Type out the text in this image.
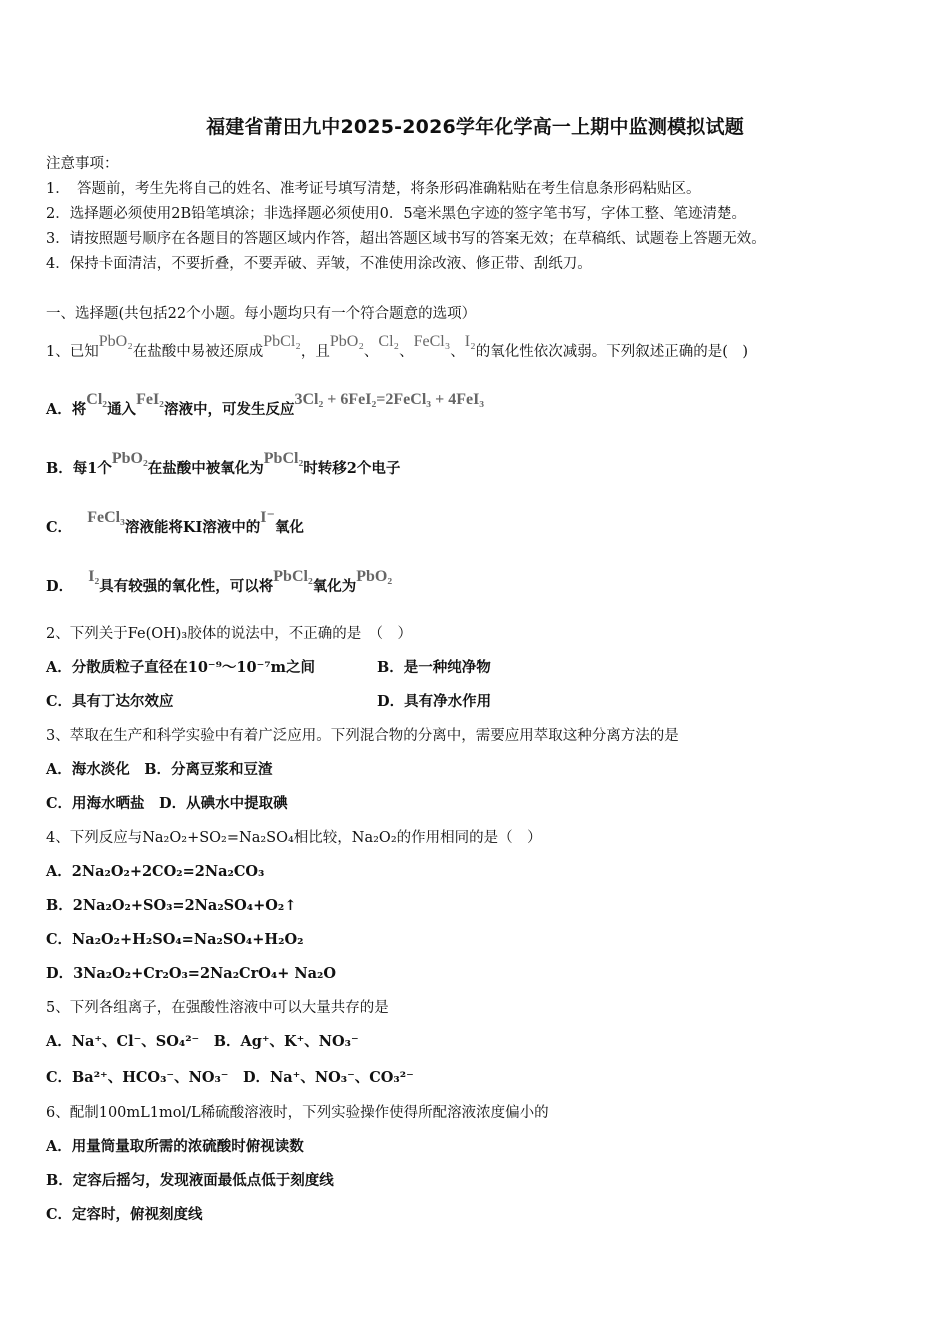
福建省莆田九中2025-2026学年化学高一上期中监测模拟试题
注意事项：
1．　答题前，考生先将自己的姓名、准考证号填写清楚，将条形码准确粘贴在考生信息条形码粘贴区。
2．选择题必须使用2B铅笔填涂；非选择题必须使用0．5毫米黑色字迹的签字笔书写，字体工整、笔迹清楚。
3．请按照题号顺序在各题目的答题区域内作答，超出答题区域书写的答案无效；在草稿纸、试题卷上答题无效。
4．保持卡面清洁，不要折叠，不要弄破、弄皱，不准使用涂改液、修正带、刮纸刀。
一、选择题(共包括22个小题。每小题均只有一个符合题意的选项）
1、已知PbO₂在盐酸中易被还原成PbCl₂，且PbO₂、Cl₂、FeCl₃、I₂的氧化性依次减弱。下列叙述正确的是(　)
A．将Cl₂通入FeI₂溶液中，可发生反应3Cl₂ + 6FeI₂=2FeCl₃ + 4FeI₃
B．每1个PbO₂在盐酸中被氧化为PbCl₂时转移2个电子
C．   FeCl₃溶液能将KI溶液中的I⁻氧化
D．   I₂具有较强的氧化性，可以将PbCl₂氧化为PbO₂
2、下列关于Fe(OH)₃胶体的说法中，不正确的是　（　）
A．分散质粒子直径在10⁻⁹～10⁻⁷m之间	B．是一种纯净物
C．具有丁达尔效应	D．具有净水作用
3、萃取在生产和科学实验中有着广泛应用。下列混合物的分离中，需要应用萃取这种分离方法的是
A．海水淡化　B．分离豆浆和豆渣
C．用海水晒盐　D．从碘水中提取碘
4、下列反应与Na₂O₂+SO₂=Na₂SO₄相比较，Na₂O₂的作用相同的是（　）
A．2Na₂O₂+2CO₂=2Na₂CO₃
B．2Na₂O₂+SO₃=2Na₂SO₄+O₂↑
C．Na₂O₂+H₂SO₄=Na₂SO₄+H₂O₂
D．3Na₂O₂+Cr₂O₃=2Na₂CrO₄+ Na₂O
5、下列各组离子，在强酸性溶液中可以大量共存的是
A．Na⁺、Cl⁻、SO₄²⁻　B．Ag⁺、K⁺、NO₃⁻
C．Ba²⁺、HCO₃⁻、NO₃⁻　D．Na⁺、NO₃⁻、CO₃²⁻
6、配制100mL1mol/L稀硫酸溶液时，下列实验操作使得所配溶液浓度偏小的
A．用量筒量取所需的浓硫酸时俯视读数
B．定容后摇匀，发现液面最低点低于刻度线
C．定容时，俯视刻度线
